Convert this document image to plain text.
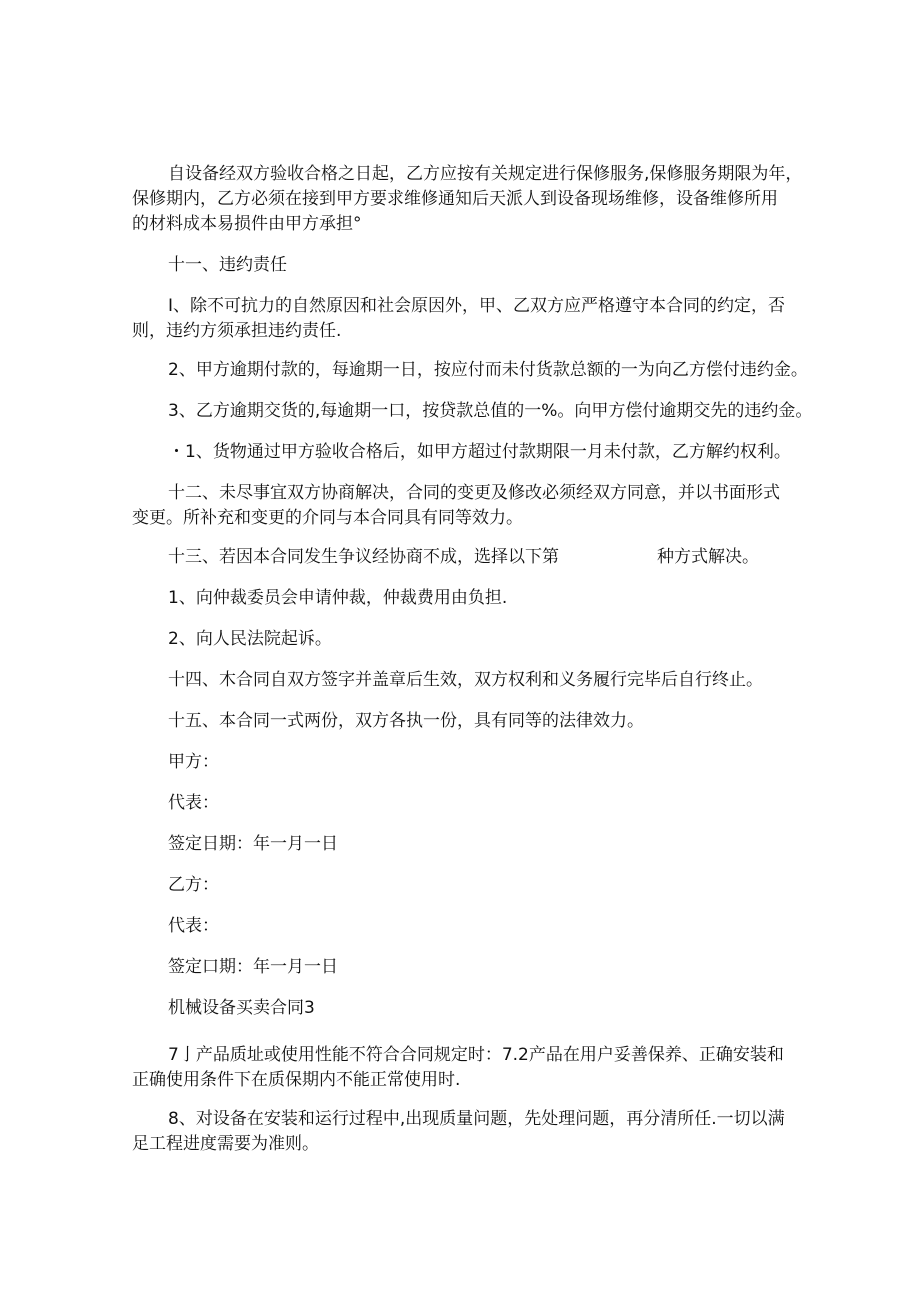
自设备经双方验收合格之日起，乙方应按有关规定进行保修服务,保修服务期限为年，
保修期内，乙方必须在接到甲方要求维修通知后天派人到设备现场维修，设备维修所用
的材料成本易损件由甲方承担°
十一、违约责任
I、除不可抗力的自然原因和社会原因外，甲、乙双方应严格遵守本合同的约定，否
则，违约方须承担违约责任.
2、甲方逾期付款的，每逾期一日，按应付而未付货款总额的一为向乙方偿付违约金。
3、乙方逾期交货的,每逾期一口，按贷款总值的一%。向甲方偿付逾期交先的违约金。
・1、货物通过甲方验收合格后，如甲方超过付款期限一月未付款，乙方解约权利。
十二、未尽事宜双方协商解决，合同的变更及修改必须经双方同意，并以书面形式
变更。所补充和变更的介同与本合同具有同等效力。
十三、若因本合同发生争议经协商不成，选择以下第	种方式解决。
1、向仲裁委员会申请仲裁，仲裁费用由负担.
2、向人民法院起诉。
十四、木合同自双方签字并盖章后生效，双方权利和义务履行完毕后自行终止。
十五、本合同一式两份，双方各执一份，具有同等的法律效力。
甲方：
代表：
签定日期：年一月一日
乙方：
代表：
签定口期：年一月一日
机械设备买卖合同3
7亅产品质址或使用性能不符合合同规定时：7.2产品在用户妥善保养、正确安装和
正确使用条件下在质保期内不能正常使用时.
8、对设备在安装和运行过程中,出现质量问题，先处理问题，再分清所任.一切以满
足工程进度需要为准则。
